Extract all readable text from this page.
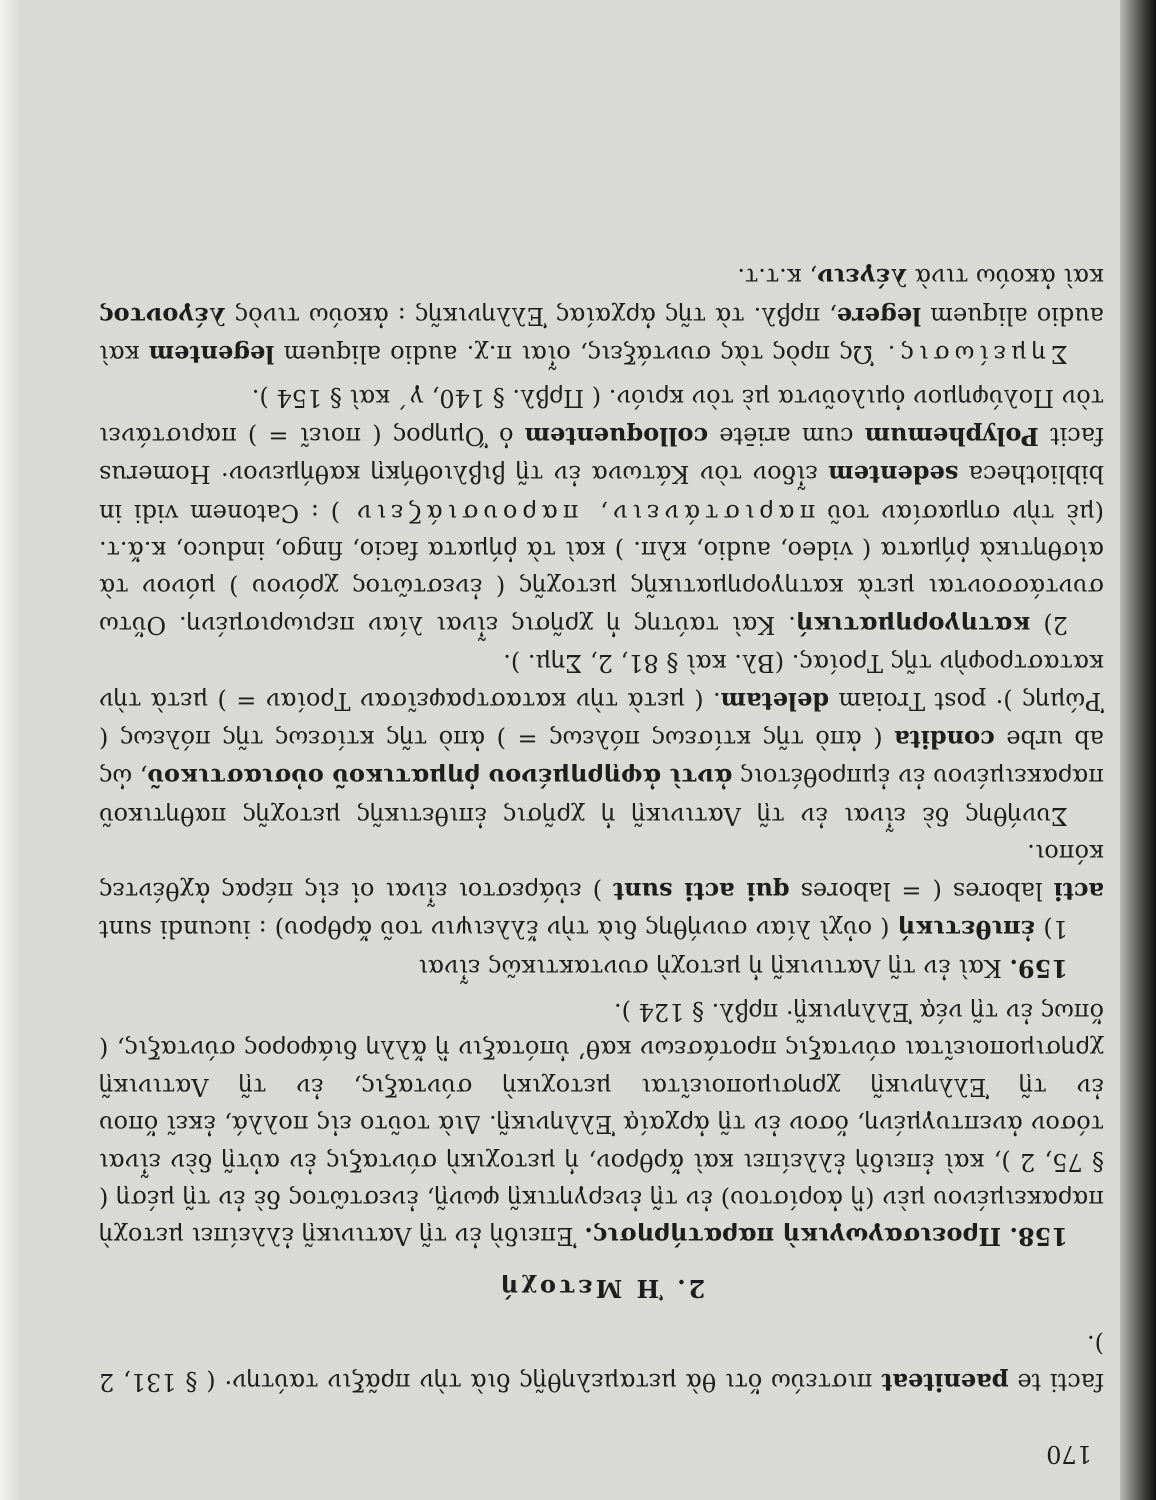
170

facti te paeniteat πιστεύω ὅτι θὰ μεταμεληθῇς διὰ τὴν πρᾶξιν ταύτην· ( § 131, 2 ).

2. Ἡ Μετοχή

158. Προεισαγωγικὴ παρατήρησις. Ἐπειδὴ ἐν τῇ Λατινικῇ ἐλλείπει μετοχὴ παρακειμένου μὲν (ἢ ἀορίστου) ἐν τῇ ἐνεργητικῇ φωνῇ, ἐνεστῶτος δὲ ἐν τῇ μέσῃ ( § 75, 2 ), καὶ ἐπειδὴ ἐλλείπει καὶ ἄρθρον, ἡ μετοχικὴ σύνταξις ἐν αὐτῇ δὲν εἶναι τόσον ἀνεπτυγμένη, ὅσον ἐν τῇ ἀρχαίᾳ Ἑλληνικῇ. Διὰ τοῦτο εἰς πολλά, ἐκεῖ ὅπου ἐν τῇ Ἑλληνικῇ χρησιμοποιεῖται μετοχικὴ σύνταξις, ἐν τῇ Λατινικῇ χρησιμοποιεῖται σύνταξις προτάσεων καθ’ ὑπόταξιν ἢ ἄλλη διάφορος σύνταξις, ( ὅπως ἐν τῇ νέᾳ Ἑλληνικῇ· πρβλ. § 124 ).

159. Καὶ ἐν τῇ Λατινικῇ ἡ μετοχὴ συντακτικῶς εἶναι

1) ἐπιθετική ( οὐχὶ λίαν συνήθης διὰ τὴν ἔλλειψιν τοῦ ἄρθρου) : iucundi sunt acti labores ( = labores qui acti sunt ) εὐάρεστοι εἶναι οἱ εἰς πέρας ἀχθέντες κόποι.

Συνήθης δὲ εἶναι ἐν τῇ Λατινικῇ ἡ χρῆσις ἐπιθετικῆς μετοχῆς παθητικοῦ παρακειμένου ἐν ἐμπροθέτοις ἀντὶ ἀφῃρημένου ῥηματικοῦ οὐσιαστικοῦ, ὡς ab urbe condita ( ἀπὸ τῆς κτίσεως πόλεως = ) ἀπὸ τῆς κτίσεως τῆς πόλεως ( Ῥώμης )· post Troiam deletam. ( μετὰ τὴν καταστραφεῖσαν Τροίαν = ) μετὰ τὴν καταστροφὴν τῆς Τροίας. (Βλ. καὶ § 81, 2, Σημ. ).

2) κατηγορηματική. Καὶ ταύτης ἡ χρῆσις εἶναι λίαν περιωρισμένη. Οὕτω συντάσσονται μετὰ κατηγορηματικῆς μετοχῆς ( ἐνεστῶτος χρόνου ) μόνον τὰ αἰσθητικὰ ῥήματα ( video, audio, κλπ. ) καὶ τὰ ῥήματα facio, fingo, induco, κ.ἄ.τ. (μὲ τὴν σημασίαν τοῦ παριστάνειν, παρουσιάζειν ) : Catonem vidi in bibliotheca sedentem εἶδον τὸν Κάτωνα ἐν τῇ βιβλιοθήκῃ καθήμενον· Homerus facit Polyphemum cum ariēte colloquentem ὁ Ὅμηρος ( ποιεῖ = ) παριστάνει τὸν Πολύφημον ὁμιλοῦντα μὲ τὸν κριόν. ( Πρβλ. § 140, γ΄ καὶ § 154 ).

Σημείωσις. Ὡς πρὸς τὰς συντάξεις, οἷαι π.χ. audio aliquem legentem καὶ audio aliquem legere, πρβλ. τὰ τῆς ἀρχαίας Ἑλληνικῆς : ἀκούω τινὸς λέγοντος καὶ ἀκούω τινὰ λέγειν, κ.τ.τ.
